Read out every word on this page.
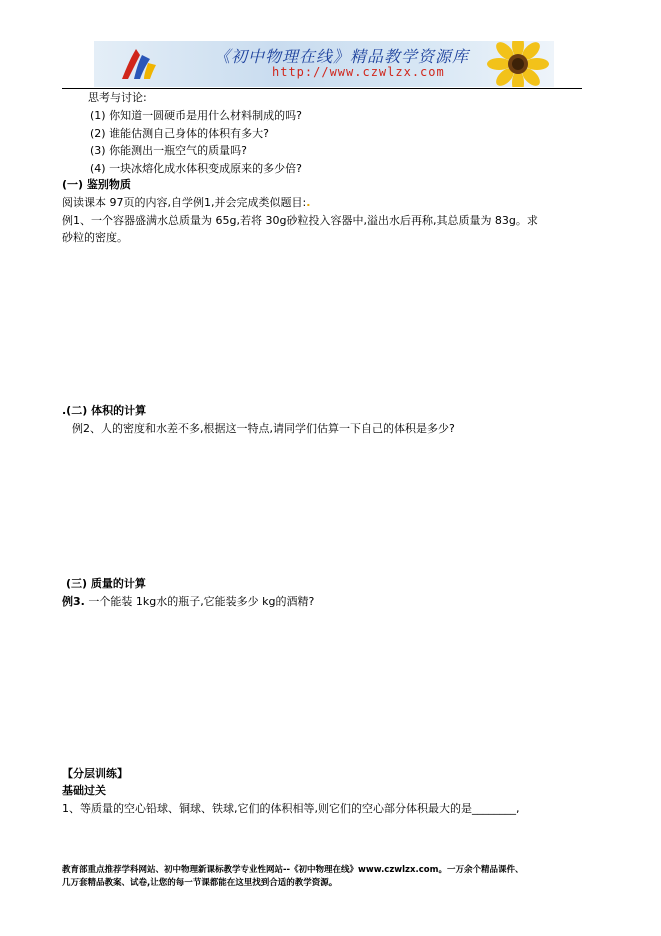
《初中物理在线》精品教学资源库
http://www.czwlzx.com
思考与讨论:
(1) 你知道一圆硬币是用什么材料制成的吗?
(2) 谁能估测自己身体的体积有多大?
(3) 你能测出一瓶空气的质量吗?
(4) 一块冰熔化成水体积变成原来的多少倍?
(一) 鉴别物质
阅读课本 97页的内容,自学例1,并会完成类似题目:.
例1、一个容器盛满水总质量为 65g,若将 30g砂粒投入容器中,溢出水后再称,其总质量为 83g。求
砂粒的密度。
.(二) 体积的计算
例2、人的密度和水差不多,根据这一特点,请同学们估算一下自己的体积是多少?
(三) 质量的计算
例3. 一个能装 1kg水的瓶子,它能装多少 kg的酒精?
【分层训练】
基础过关
1、等质量的空心铅球、铜球、铁球,它们的体积相等,则它们的空心部分体积最大的是________,
教育部重点推荐学科网站、初中物理新课标教学专业性网站--《初中物理在线》www.czwlzx.com。一万余个精品课件、
几万套精品教案、试卷,让您的每一节课都能在这里找到合适的教学资源。
